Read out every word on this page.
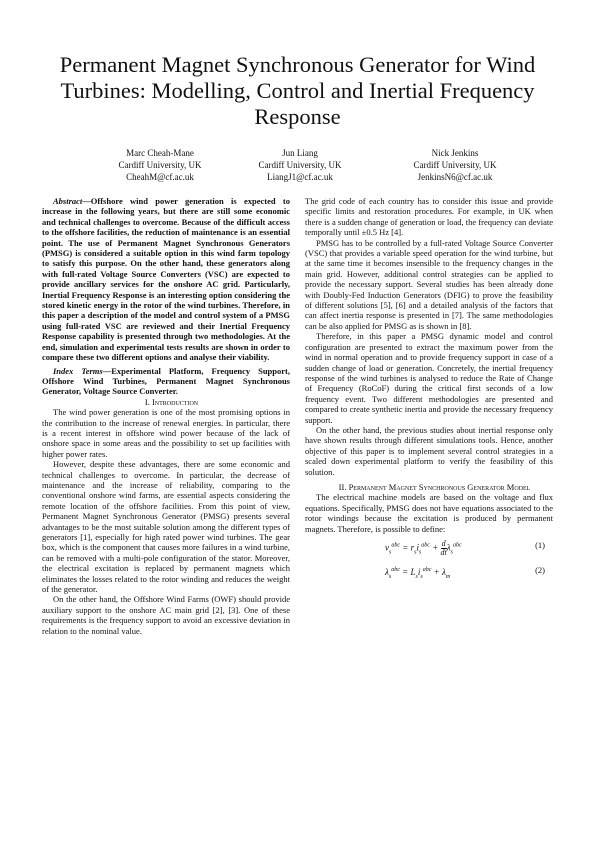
Permanent Magnet Synchronous Generator for Wind Turbines: Modelling, Control and Inertial Frequency Response
Marc Cheah-Mane
Cardiff University, UK
CheahM@cf.ac.uk
Jun Liang
Cardiff University, UK
LiangJ1@cf.ac.uk
Nick Jenkins
Cardiff University, UK
JenkinsN6@cf.ac.uk

Abstract—Offshore wind power generation is expected to increase in the following years, but there are still some economic and technical challenges to overcome. Because of the difficult access to the offshore facilities, the reduction of maintenance is an essential point. The use of Permanent Magnet Synchronous Generators (PMSG) is considered a suitable option in this wind farm topology to satisfy this purpose. On the other hand, these generators along with full-rated Voltage Source Converters (VSC) are expected to provide ancillary services for the onshore AC grid. Particularly, Inertial Frequency Response is an interesting option considering the stored kinetic energy in the rotor of the wind turbines. Therefore, in this paper a description of the model and control system of a PMSG using full-rated VSC are reviewed and their Inertial Frequency Response capability is presented through two methodologies. At the end, simulation and experimental tests results are shown in order to compare these two different options and analyse their viability.

Index Terms—Experimental Platform, Frequency Support, Offshore Wind Turbines, Permanent Magnet Synchronous Generator, Voltage Source Converter.

I. Introduction

The wind power generation is one of the most promising options in the contribution to the increase of renewal energies. In particular, there is a recent interest in offshore wind power because of the lack of onshore space in some areas and the possibility to set up facilities with higher power rates.

However, despite these advantages, there are some economic and technical challenges to overcome. In particular, the decrease of maintenance and the increase of reliability, comparing to the conventional onshore wind farms, are essential aspects considering the remote location of the offshore facilities. From this point of view, Permanent Magnet Synchronous Generator (PMSG) presents several advantages to be the most suitable solution among the different types of generators [1], especially for high rated power wind turbines. The gear box, which is the component that causes more failures in a wind turbine, can be removed with a multi-pole configuration of the stator. Moreover, the electrical excitation is replaced by permanent magnets which eliminates the losses related to the rotor winding and reduces the weight of the generator.

On the other hand, the Offshore Wind Farms (OWF) should provide auxiliary support to the onshore AC main grid [2], [3]. One of these requirements is the frequency support to avoid an excessive deviation in relation to the nominal value.

The grid code of each country has to consider this issue and provide specific limits and restoration procedures. For example, in UK when there is a sudden change of generation or load, the frequency can deviate temporally until ±0.5 Hz [4].

PMSG has to be controlled by a full-rated Voltage Source Converter (VSC) that provides a variable speed operation for the wind turbine, but at the same time it becomes insensible to the frequency changes in the main grid. However, additional control strategies can be applied to provide the necessary support. Several studies has been already done with Doubly-Fed Induction Generators (DFIG) to prove the feasibility of different solutions [5], [6] and a detailed analysis of the factors that can affect inertia response is presented in [7]. The same methodologies can be also applied for PMSG as is shown in [8].

Therefore, in this paper a PMSG dynamic model and control configuration are presented to extract the maximum power from the wind in normal operation and to provide frequency support in case of a sudden change of load or generation. Concretely, the inertial frequency response of the wind turbines is analysed to reduce the Rate of Change of Frequency (RoCoF) during the critical first seconds of a low frequency event. Two different methodologies are presented and compared to create synthetic inertia and provide the necessary frequency support.

On the other hand, the previous studies about inertial response only have shown results through different simulations tools. Hence, another objective of this paper is to implement several control strategies in a scaled down experimental platform to verify the feasibility of this solution.

II. Permanent Magnet Synchronous Generator Model

The electrical machine models are based on the voltage and flux equations. Specifically, PMSG does not have equations associated to the rotor windings because the excitation is produced by permanent magnets. Therefore, is possible to define:

$v_s^{abc} = r_si_s^{abc} + \frac{d}{dt} \lambda_s^{abc}$	(1)
$\lambda_s^{abc} = L_si_s^{abc} + \lambda_m$
(2)
